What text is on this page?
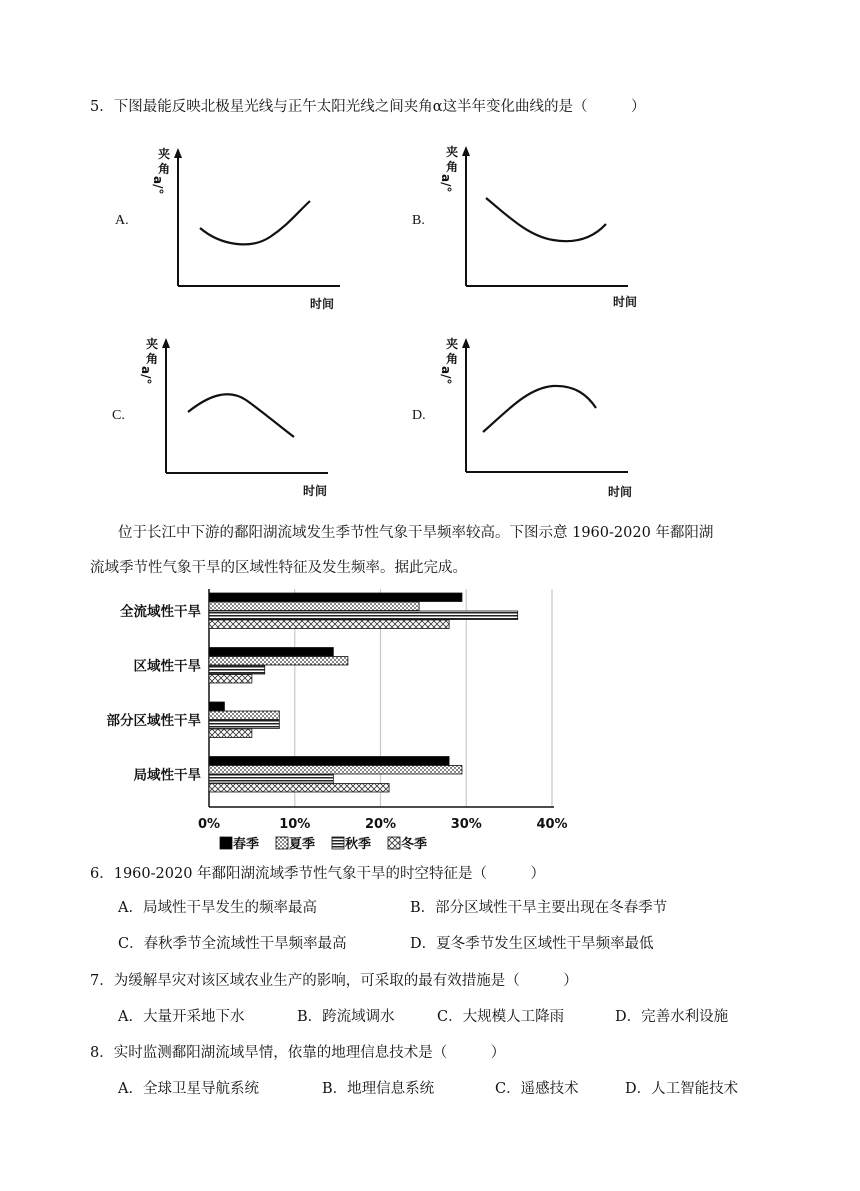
5．下图最能反映北极星光线与正午太阳光线之间夹角α这半年变化曲线的是（　　　）
A.
夹
角
a/°
时间
B.
夹
角
a/°
时间
C.
夹
角
a/°
时间
D.
夹
角
a/°
时间
位于长江中下游的鄱阳湖流域发生季节性气象干旱频率较高。下图示意 1960-2020 年鄱阳湖
流域季节性气象干旱的区域性特征及发生频率。据此完成。
全流域性干旱
区域性干旱
部分区域性干旱
局域性干旱
0%	10%	20%	30%	40%
春季 夏季 秋季 冬季
6．1960-2020 年鄱阳湖流域季节性气象干旱的时空特征是（　　　）
A．局域性干旱发生的频率最高	B．部分区域性干旱主要出现在冬春季节
C．春秋季节全流域性干旱频率最高	D．夏冬季节发生区域性干旱频率最低
7．为缓解旱灾对该区域农业生产的影响，可采取的最有效措施是（　　　）
A．大量开采地下水	B．跨流域调水	C．大规模人工降雨	D．完善水利设施
8．实时监测鄱阳湖流域旱情，依靠的地理信息技术是（　　　）
A．全球卫星导航系统	B．地理信息系统	C．遥感技术	D．人工智能技术
